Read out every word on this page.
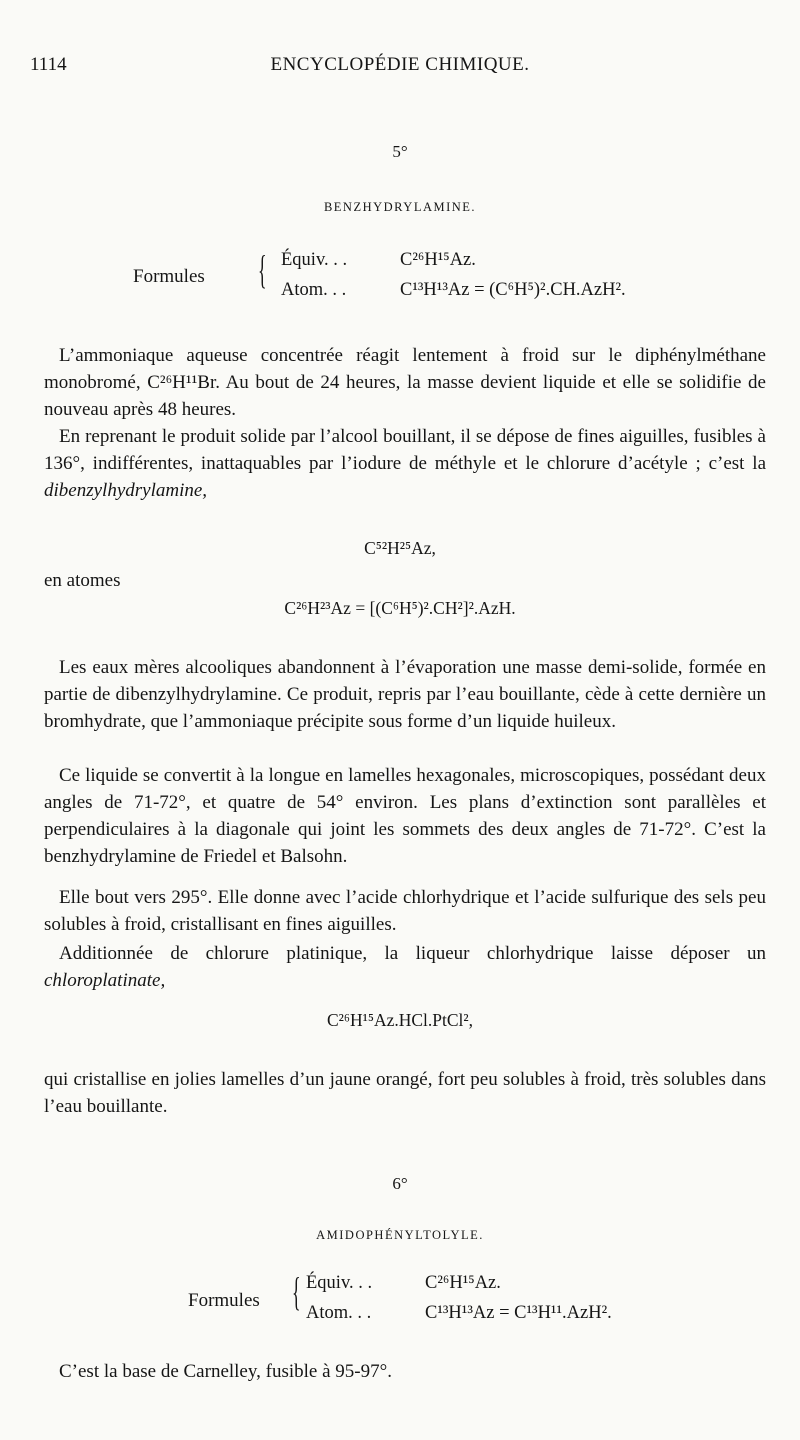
1114	ENCYCLOPÉDIE CHIMIQUE.
5°
BENZHYDRYLAMINE.
Formules { Équiv. . .	C²⁶H¹⁵Az.
Atom. . .	C¹³H¹³Az = (C⁶H⁵)².CH.AzH².
L’ammoniaque aqueuse concentrée réagit lentement à froid sur le diphénylméthane monobromé, C²⁶H¹¹Br. Au bout de 24 heures, la masse devient liquide et elle se solidifie de nouveau après 48 heures.
En reprenant le produit solide par l’alcool bouillant, il se dépose de fines aiguilles, fusibles à 136°, indifférentes, inattaquables par l’iodure de méthyle et le chlorure d’acétyle ; c’est la dibenzylhydrylamine,
C⁵²H²⁵Az,
en atomes
C²⁶H²³Az = [(C⁶H⁵)².CH²]².AzH.
Les eaux mères alcooliques abandonnent à l’évaporation une masse demi-solide, formée en partie de dibenzylhydrylamine. Ce produit, repris par l’eau bouillante, cède à cette dernière un bromhydrate, que l’ammoniaque précipite sous forme d’un liquide huileux.
Ce liquide se convertit à la longue en lamelles hexagonales, microscopiques, possédant deux angles de 71-72°, et quatre de 54° environ. Les plans d’extinction sont parallèles et perpendiculaires à la diagonale qui joint les sommets des deux angles de 71-72°. C’est la benzhydrylamine de Friedel et Balsohn.
Elle bout vers 295°. Elle donne avec l’acide chlorhydrique et l’acide sulfurique des sels peu solubles à froid, cristallisant en fines aiguilles.
Additionnée de chlorure platinique, la liqueur chlorhydrique laisse déposer un chloroplatinate,
C²⁶H¹⁵Az.HCl.PtCl²,
qui cristallise en jolies lamelles d’un jaune orangé, fort peu solubles à froid, très solubles dans l’eau bouillante.
6°
AMIDOPHÉNYLTOLYLE.
Formules { Équiv. . .	C²⁶H¹⁵Az.
Atom. . .	C¹³H¹³Az = C¹³H¹¹.AzH².
C’est la base de Carnelley, fusible à 95-97°.
